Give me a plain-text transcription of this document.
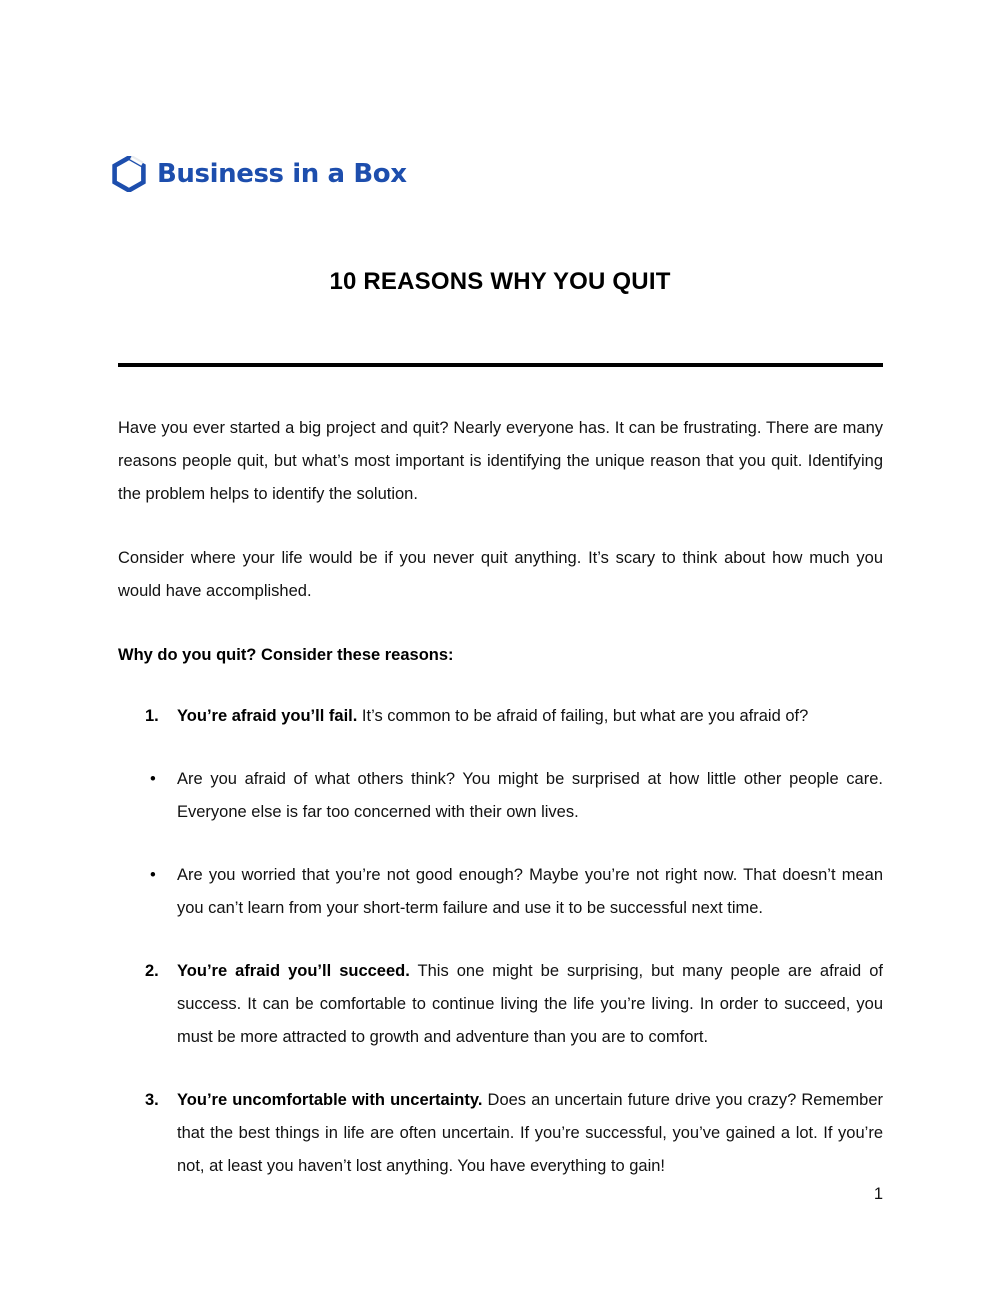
Business in a Box
10 REASONS WHY YOU QUIT

Have you ever started a big project and quit? Nearly everyone has. It can be frustrating. There are many reasons people quit, but what’s most important is identifying the unique reason that you quit. Identifying the problem helps to identify the solution.

Consider where your life would be if you never quit anything. It’s scary to think about how much you would have accomplished.

Why do you quit? Consider these reasons:

1. You’re afraid you’ll fail. It’s common to be afraid of failing, but what are you afraid of?
• Are you afraid of what others think? You might be surprised at how little other people care. Everyone else is far too concerned with their own lives.
• Are you worried that you’re not good enough? Maybe you’re not right now. That doesn’t mean you can’t learn from your short-term failure and use it to be successful next time.
2. You’re afraid you’ll succeed. This one might be surprising, but many people are afraid of success. It can be comfortable to continue living the life you’re living. In order to succeed, you must be more attracted to growth and adventure than you are to comfort.
3. You’re uncomfortable with uncertainty. Does an uncertain future drive you crazy? Remember that the best things in life are often uncertain. If you’re successful, you’ve gained a lot. If you’re not, at least you haven’t lost anything. You have everything to gain!
1
